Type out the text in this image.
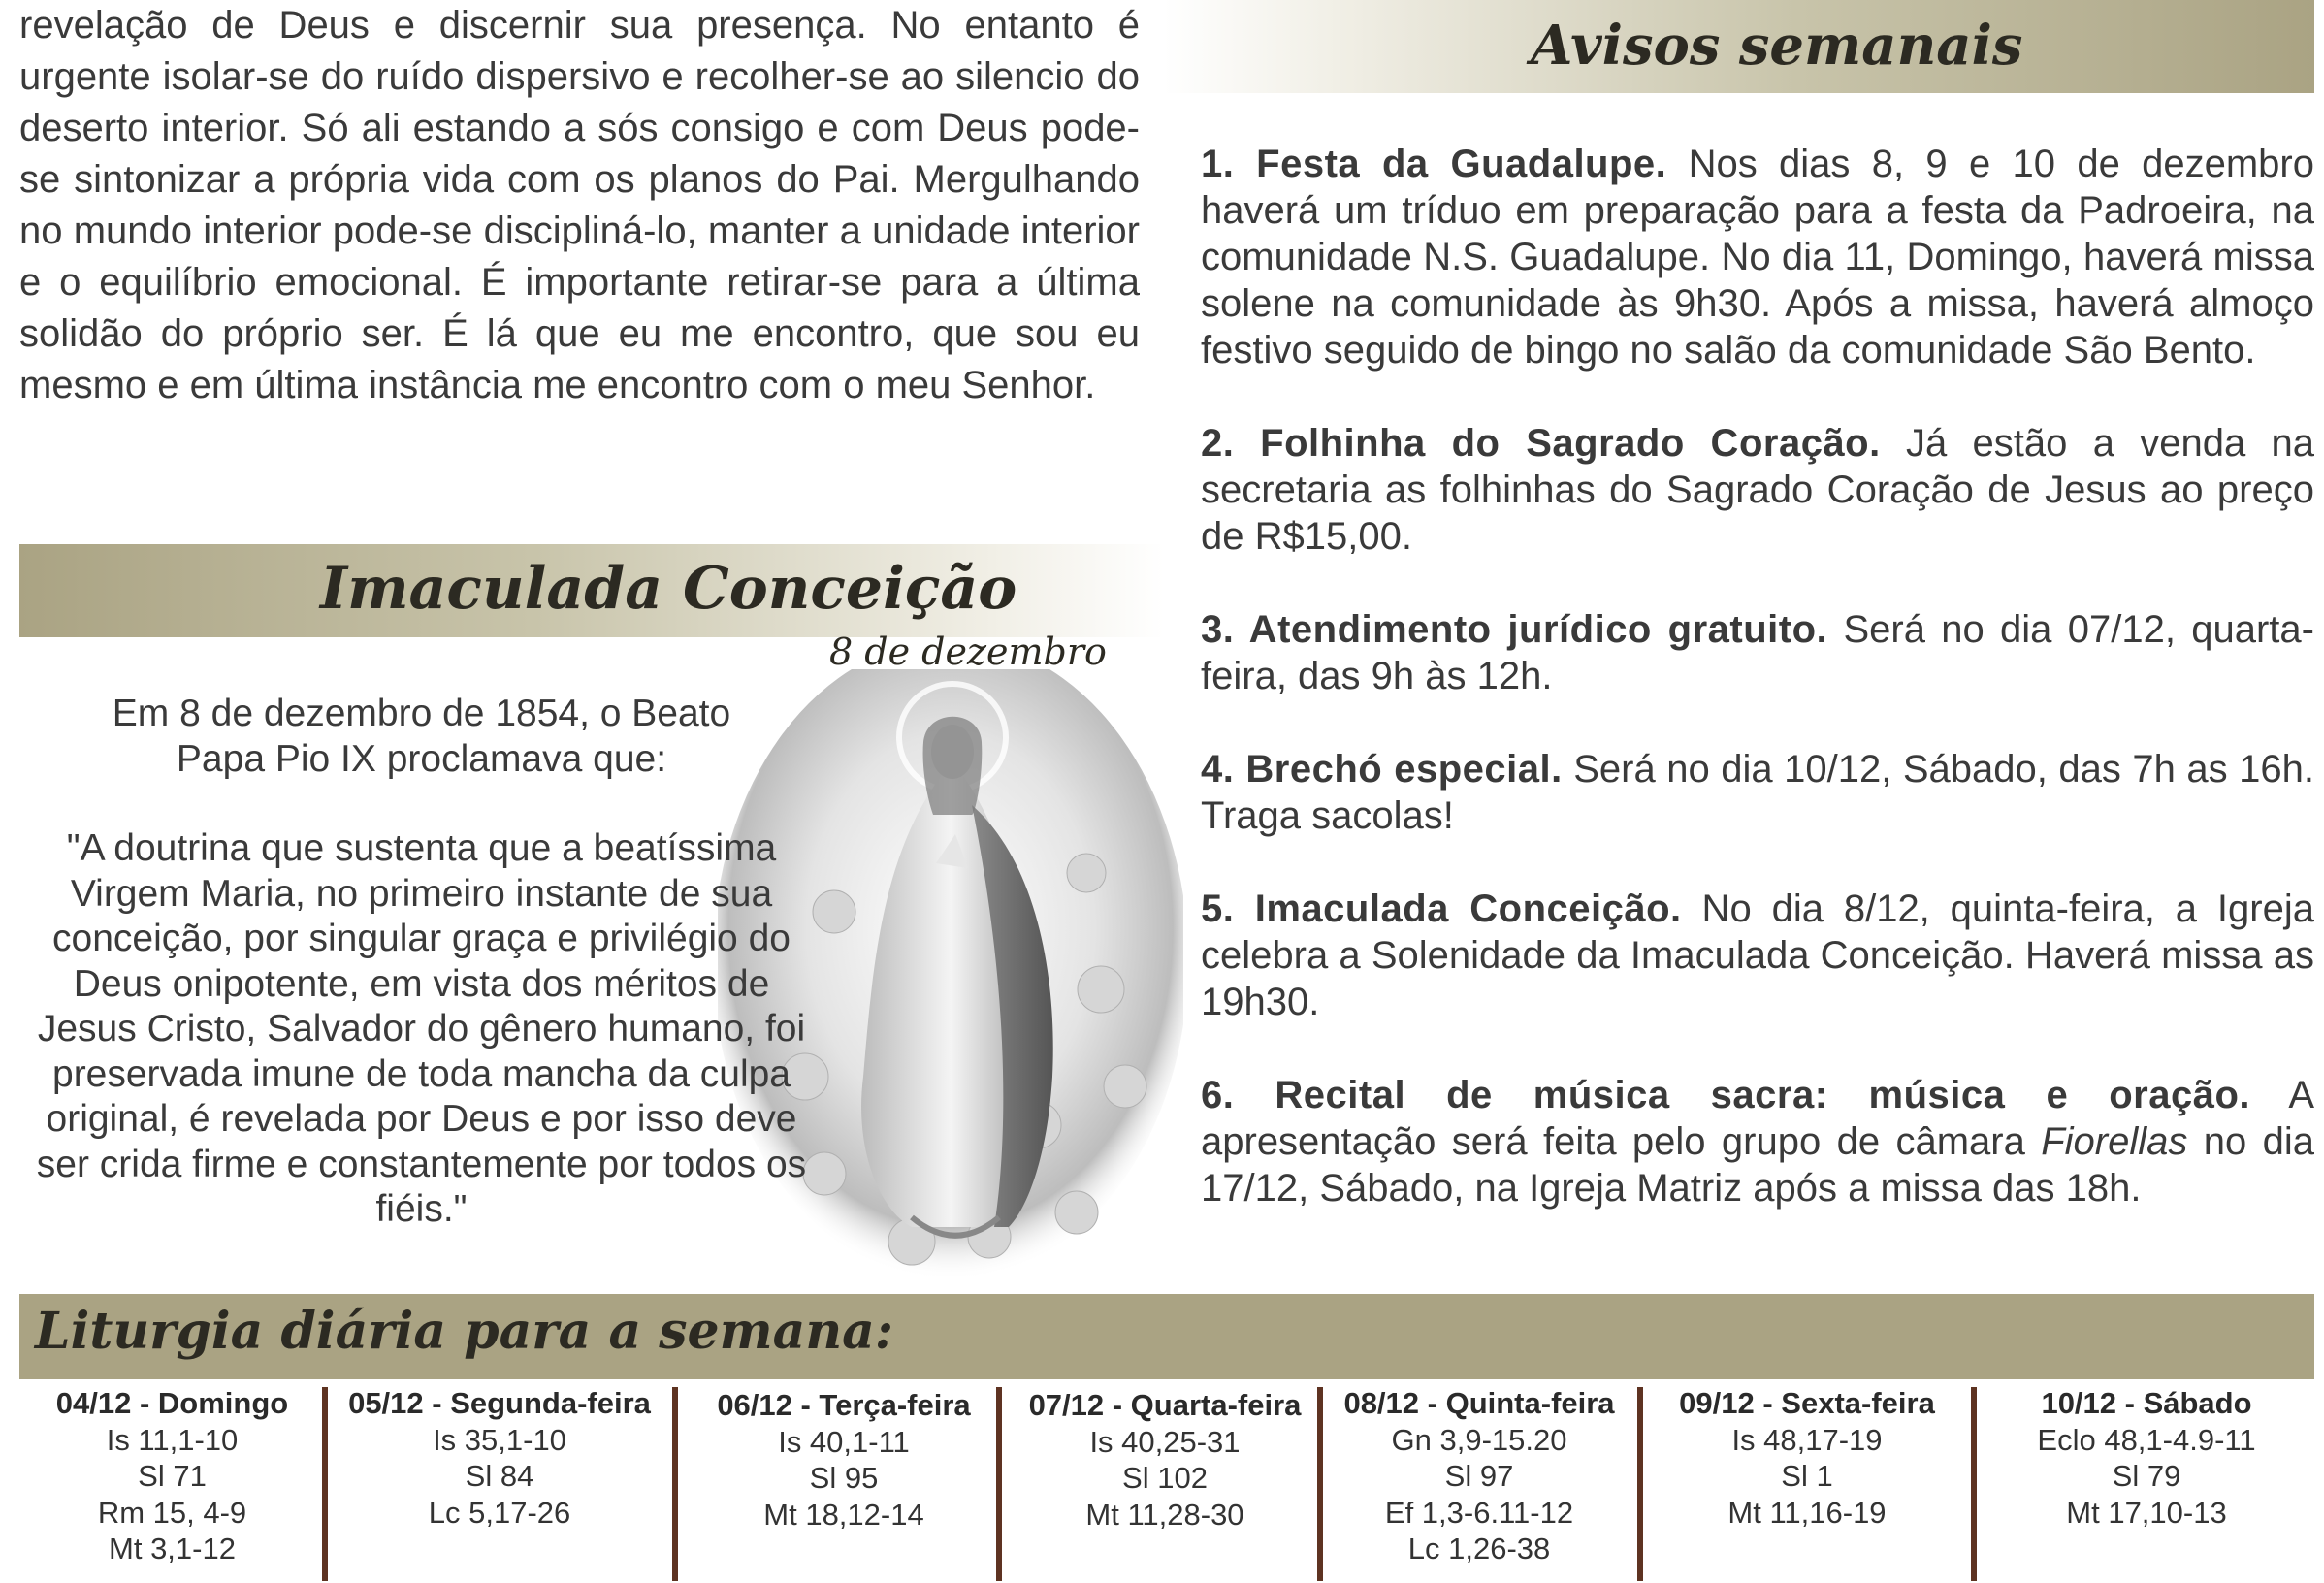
revelação de Deus e discernir sua presença. No entanto é urgente isolar-se do ruído dispersivo e recolher-se ao silencio do deserto interior. Só ali estando a sós consigo e com Deus pode-se sintonizar a própria vida com os planos do Pai. Mergulhando no mundo interior pode-se discipliná-lo, manter a unidade interior e o equilíbrio emocional. É importante retirar-se para a última solidão do próprio ser. É lá que eu me encontro, que sou eu mesmo e em última instância me encontro com o meu Senhor.

Imaculada Conceição
8 de dezembro

Em 8 de dezembro de 1854, o Beato Papa Pio IX proclamava que:

"A doutrina que sustenta que a beatíssima Virgem Maria, no primeiro instante de sua conceição, por singular graça e privilégio do Deus onipotente, em vista dos méritos de Jesus Cristo, Salvador do gênero humano, foi preservada imune de toda mancha da culpa original, é revelada por Deus e por isso deve ser crida firme e constantemente por todos os fiéis."

Avisos semanais
1. Festa da Guadalupe. Nos dias 8, 9 e 10 de dezembro haverá um tríduo em preparação para a festa da Padroeira, na comunidade N.S. Guadalupe. No dia 11, Domingo, haverá missa solene na comunidade às 9h30. Após a missa, haverá almoço festivo seguido de bingo no salão da comunidade São Bento.
2. Folhinha do Sagrado Coração. Já estão a venda na secretaria as folhinhas do Sagrado Coração de Jesus ao preço de R$15,00.
3. Atendimento jurídico gratuito. Será no dia 07/12, quarta-feira, das 9h às 12h.
4. Brechó especial. Será no dia 10/12, Sábado, das 7h as 16h. Traga sacolas!
5. Imaculada Conceição. No dia 8/12, quinta-feira, a Igreja celebra a Solenidade da Imaculada Conceição. Haverá missa as 19h30.
6. Recital de música sacra: música e oração. A apresentação será feita pelo grupo de câmara Fiorellas no dia 17/12, Sábado, na Igreja Matriz após a missa das 18h.
Liturgia diária para a semana:
04/12 - Domingo
Is 11,1-10
Sl 71
Rm 15, 4-9
Mt 3,1-12
05/12 - Segunda-feira
Is 35,1-10
Sl 84
Lc 5,17-26
06/12 - Terça-feira
Is 40,1-11
Sl 95
Mt 18,12-14
07/12 - Quarta-feira
Is 40,25-31
Sl 102
Mt 11,28-30
08/12 - Quinta-feira
Gn 3,9-15.20
Sl 97
Ef 1,3-6.11-12
Lc 1,26-38
09/12 - Sexta-feira
Is 48,17-19
Sl 1
Mt 11,16-19
10/12 - Sábado
Eclo 48,1-4.9-11
Sl 79
Mt 17,10-13
